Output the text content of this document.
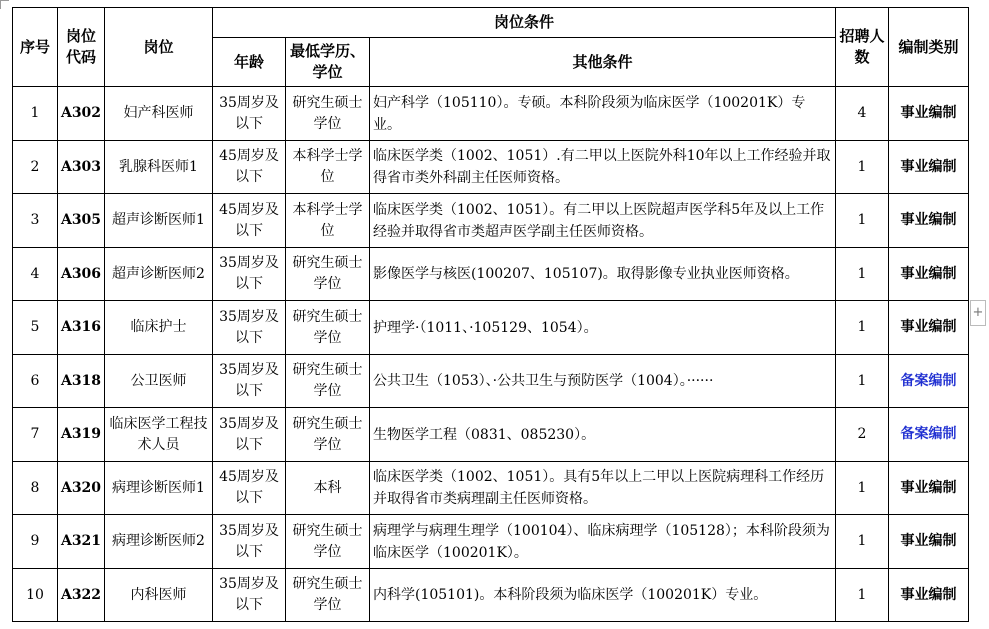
序号	岗位代码	岗位	岗位条件			招聘人数	编制类别
			年龄	最低学历、学位	其他条件		
1	A302	妇产科医师	35周岁及以下	研究生硕士学位	妇产科学（105110）。专硕。本科阶段须为临床医学（100201K）专业。	4	事业编制
2	A303	乳腺科医师1	45周岁及以下	本科学士学位	临床医学类（1002、1051）.有二甲以上医院外科10年以上工作经验并取得省市类外科副主任医师资格。	1	事业编制
3	A305	超声诊断医师1	45周岁及以下	本科学士学位	临床医学类（1002、1051）。有二甲以上医院超声医学科5年及以上工作经验并取得省市类超声医学副主任医师资格。	1	事业编制
4	A306	超声诊断医师2	35周岁及以下	研究生硕士学位	影像医学与核医(100207、105107)。取得影像专业执业医师资格。	1	事业编制
5	A316	临床护士	35周岁及以下	研究生硕士学位	护理学·（1011、·105129、1054）。	1	事业编制
6	A318	公卫医师	35周岁及以下	研究生硕士学位	公共卫生（1053）、·公共卫生与预防医学（1004）。······	1	备案编制
7	A319	临床医学工程技术人员	35周岁及以下	研究生硕士学位	生物医学工程（0831、085230）。	2	备案编制
8	A320	病理诊断医师1	45周岁及以下	本科	临床医学类（1002、1051）。具有5年以上二甲以上医院病理科工作经历并取得省市类病理副主任医师资格。	1	事业编制
9	A321	病理诊断医师2	35周岁及以下	研究生硕士学位	病理学与病理生理学（100104）、临床病理学（105128）；本科阶段须为临床医学（100201K）。	1	事业编制
10	A322	内科医师	35周岁及以下	研究生硕士学位	内科学(105101)。本科阶段须为临床医学（100201K）专业。	1	事业编制
+
